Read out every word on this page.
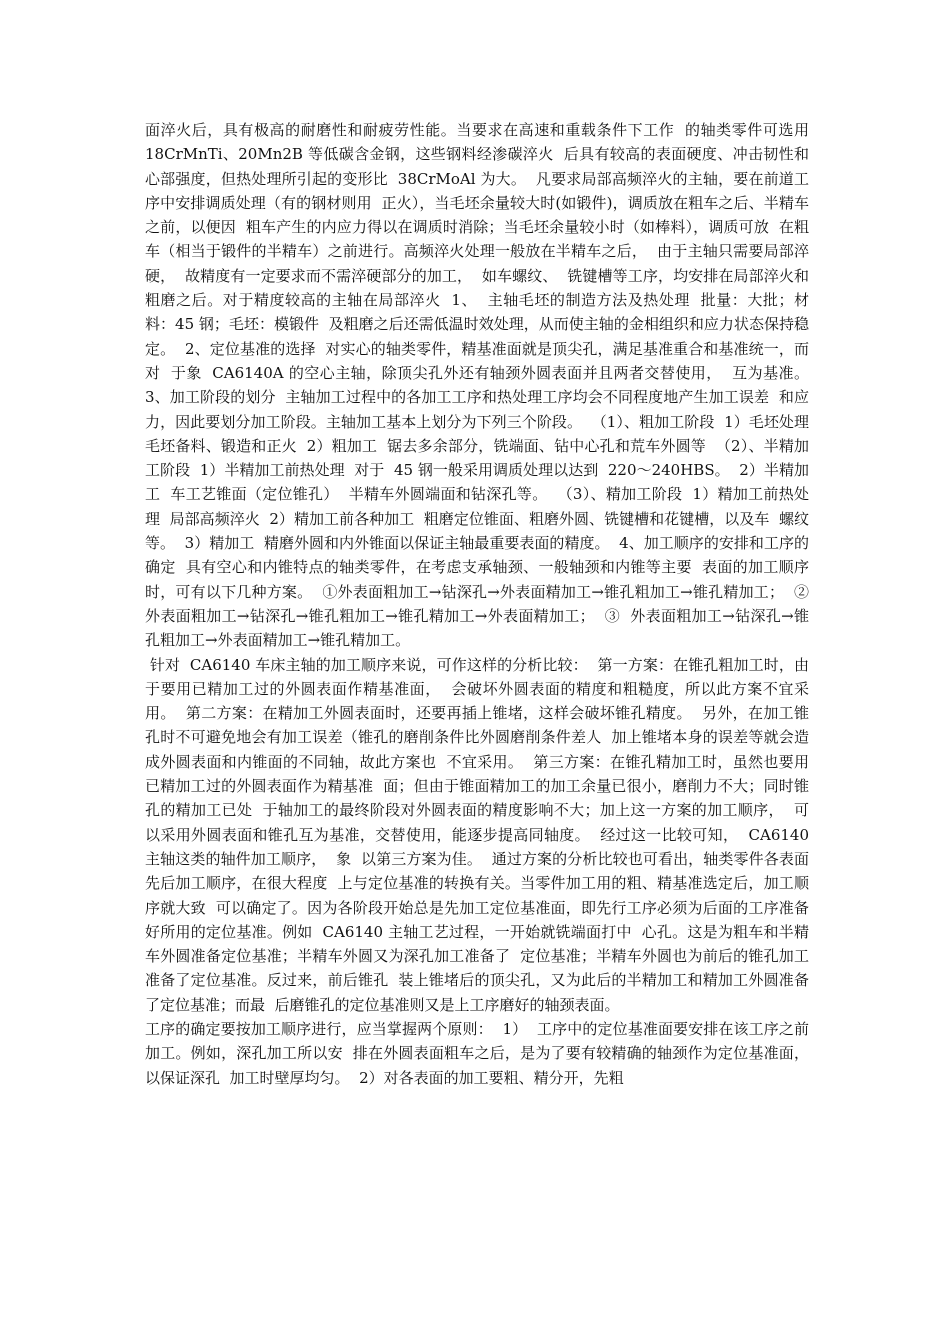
面淬火后，具有极高的耐磨性和耐疲劳性能。当要求在高速和重载条件下工作  的轴类零件可选用  18CrMnTi、20Mn2B 等低碳含金钢，这些钢料经渗碳淬火  后具有较高的表面硬度、冲击韧性和心部强度，但热处理所引起的变形比  38CrMoAl 为大。  凡要求局部高频淬火的主轴，要在前道工序中安排调质处理（有的钢材则用  正火），当毛坯余量较大时(如锻件)，调质放在粗车之后、半精车之前，以便因  粗车产生的内应力得以在调质时消除；当毛坯余量较小时（如棒料），调质可放  在粗车（相当于锻件的半精车）之前进行。高频淬火处理一般放在半精车之后，  由于主轴只需要局部淬硬，  故精度有一定要求而不需淬硬部分的加工，  如车螺纹、  铣键槽等工序，均安排在局部淬火和粗磨之后。对于精度较高的主轴在局部淬火  1、  主轴毛坯的制造方法及热处理  批量：大批；材料：45 钢；毛坯：模锻件  及粗磨之后还需低温时效处理，从而使主轴的金相组织和应力状态保持稳定。  2、定位基准的选择  对实心的轴类零件，精基准面就是顶尖孔，满足基准重合和基准统一，而对  于象  CA6140A 的空心主轴，除顶尖孔外还有轴颈外圆表面并且两者交替使用，  互为基准。  3、加工阶段的划分  主轴加工过程中的各加工工序和热处理工序均会不同程度地产生加工误差  和应力，因此要划分加工阶段。主轴加工基本上划分为下列三个阶段。  （1）、粗加工阶段  1）毛坯处理  毛坯备料、锻造和正火  2）粗加工  锯去多余部分，铣端面、钻中心孔和荒车外圆等  （2）、半精加工阶段  1）半精加工前热处理  对于  45 钢一般采用调质处理以达到  220～240HBS。  2）半精加工  车工艺锥面（定位锥孔）  半精车外圆端面和钻深孔等。  （3）、精加工阶段  1）精加工前热处理  局部高频淬火  2）精加工前各种加工  粗磨定位锥面、粗磨外圆、铣键槽和花键槽，以及车  螺纹等。  3）精加工  精磨外圆和内外锥面以保证主轴最重要表面的精度。  4、加工顺序的安排和工序的确定  具有空心和内锥特点的轴类零件，在考虑支承轴颈、一般轴颈和内锥等主要  表面的加工顺序时，可有以下几种方案。  ①外表面粗加工→钻深孔→外表面精加工→锥孔粗加工→锥孔精加工；  ②  外表面粗加工→钻深孔→锥孔粗加工→锥孔精加工→外表面精加工；  ③  外表面粗加工→钻深孔→锥孔粗加工→外表面精加工→锥孔精加工。

针对  CA6140 车床主轴的加工顺序来说，可作这样的分析比较：  第一方案：在锥孔粗加工时，由于要用已精加工过的外圆表面作精基准面，  会破坏外圆表面的精度和粗糙度，所以此方案不宜采用。  第二方案：在精加工外圆表面时，还要再插上锥堵，这样会破坏锥孔精度。  另外，在加工锥孔时不可避免地会有加工误差（锥孔的磨削条件比外圆磨削条件差人  加上锥堵本身的误差等就会造成外圆表面和内锥面的不同轴，故此方案也  不宜采用。  第三方案：在锥孔精加工时，虽然也要用已精加工过的外圆表面作为精基准  面；但由于锥面精加工的加工余量已很小，磨削力不大；同时锥孔的精加工已处  于轴加工的最终阶段对外圆表面的精度影响不大；加上这一方案的加工顺序，  可以采用外圆表面和锥孔互为基准，交替使用，能逐步提高同轴度。  经过这一比较可知，  CA6140 主轴这类的轴件加工顺序，  象  以第三方案为佳。  通过方案的分析比较也可看出，轴类零件各表面先后加工顺序，在很大程度  上与定位基准的转换有关。当零件加工用的粗、精基准选定后，加工顺序就大致  可以确定了。因为各阶段开始总是先加工定位基准面，即先行工序必须为后面的工序准备好所用的定位基准。例如  CA6140 主轴工艺过程，一开始就铣端面打中  心孔。这是为粗车和半精车外圆准备定位基准；半精车外圆又为深孔加工准备了  定位基准；半精车外圆也为前后的锥孔加工准备了定位基准。反过来，前后锥孔  装上锥堵后的顶尖孔，又为此后的半精加工和精加工外圆准备了定位基准；而最  后磨锥孔的定位基准则又是上工序磨好的轴颈表面。

工序的确定要按加工顺序进行，应当掌握两个原则：  1）  工序中的定位基准面要安排在该工序之前加工。例如，深孔加工所以安  排在外圆表面粗车之后，是为了要有较精确的轴颈作为定位基准面，以保证深孔  加工时壁厚均匀。  2）对各表面的加工要粗、精分开，先粗
